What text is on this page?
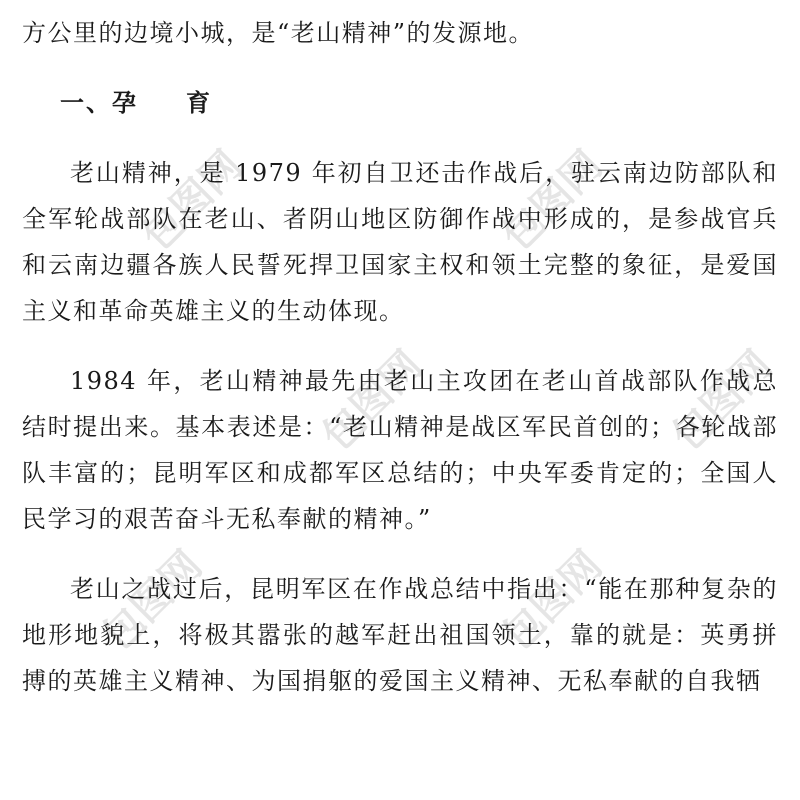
包图网	包图网
包图网
包图网	包图网
包图网

方公里的边境小城，是“老山精神”的发源地。

一、孕 育

老山精神，是 1979 年初自卫还击作战后，驻云南边防部队和全军轮战部队在老山、者阴山地区防御作战中形成的，是参战官兵和云南边疆各族人民誓死捍卫国家主权和领土完整的象征，是爱国主义和革命英雄主义的生动体现。

1984 年，老山精神最先由老山主攻团在老山首战部队作战总结时提出来。基本表述是：“老山精神是战区军民首创的；各轮战部队丰富的；昆明军区和成都军区总结的；中央军委肯定的；全国人民学习的艰苦奋斗无私奉献的精神。”

老山之战过后，昆明军区在作战总结中指出：“能在那种复杂的地形地貌上，将极其嚣张的越军赶出祖国领土，靠的就是：英勇拼搏的英雄主义精神、为国捐躯的爱国主义精神、无私奉献的自我牺
